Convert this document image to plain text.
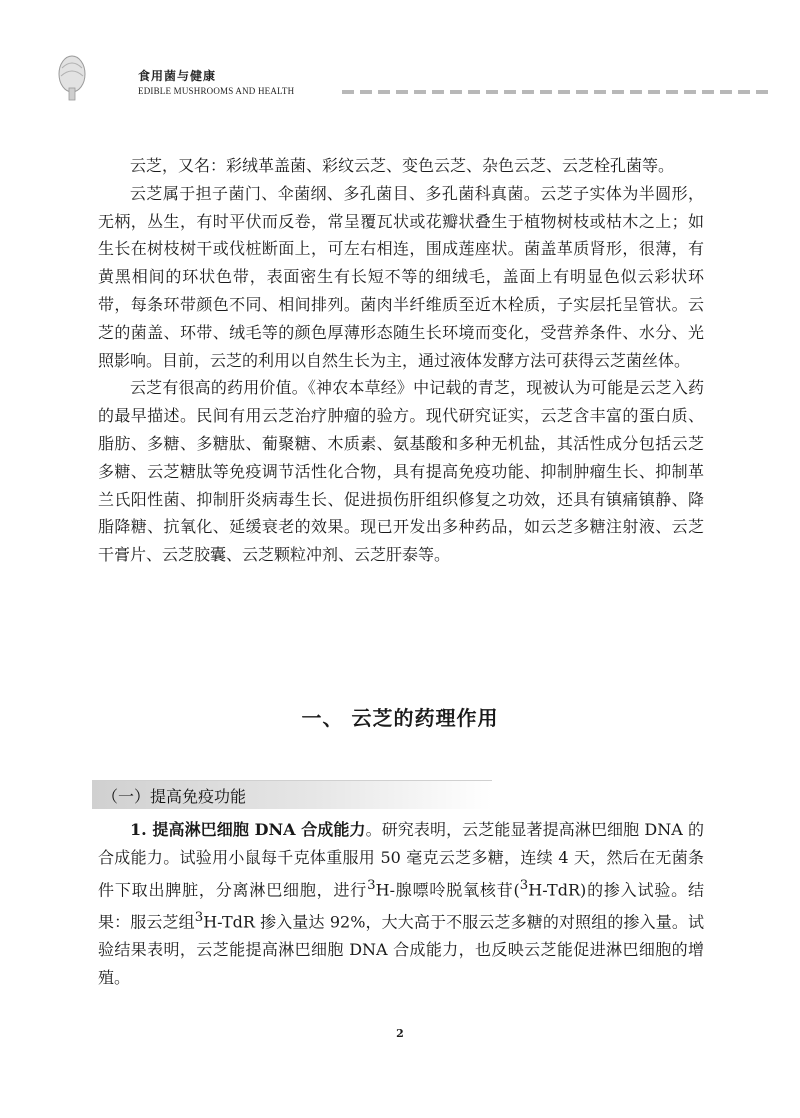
食用菌与健康
EDIBLE MUSHROOMS AND HEALTH

云芝，又名：彩绒革盖菌、彩纹云芝、变色云芝、杂色云芝、云芝栓孔菌等。

云芝属于担子菌门、伞菌纲、多孔菌目、多孔菌科真菌。云芝子实体为半圆形，无柄，丛生，有时平伏而反卷，常呈覆瓦状或花瓣状叠生于植物树枝或枯木之上；如生长在树枝树干或伐桩断面上，可左右相连，围成莲座状。菌盖革质肾形，很薄，有黄黑相间的环状色带，表面密生有长短不等的细绒毛，盖面上有明显色似云彩状环带，每条环带颜色不同、相间排列。菌肉半纤维质至近木栓质，子实层托呈管状。云芝的菌盖、环带、绒毛等的颜色厚薄形态随生长环境而变化，受营养条件、水分、光照影响。目前，云芝的利用以自然生长为主，通过液体发酵方法可获得云芝菌丝体。

云芝有很高的药用价值。《神农本草经》中记载的青芝，现被认为可能是云芝入药的最早描述。民间有用云芝治疗肿瘤的验方。现代研究证实，云芝含丰富的蛋白质、脂肪、多糖、多糖肽、葡聚糖、木质素、氨基酸和多种无机盐，其活性成分包括云芝多糖、云芝糖肽等免疫调节活性化合物，具有提高免疫功能、抑制肿瘤生长、抑制革兰氏阳性菌、抑制肝炎病毒生长、促进损伤肝组织修复之功效，还具有镇痛镇静、降脂降糖、抗氧化、延缓衰老的效果。现已开发出多种药品，如云芝多糖注射液、云芝干膏片、云芝胶囊、云芝颗粒冲剂、云芝肝泰等。

一、 云芝的药理作用
（一）提高免疫功能

1. 提高淋巴细胞 DNA 合成能力。研究表明，云芝能显著提高淋巴细胞 DNA 的合成能力。试验用小鼠每千克体重服用 50 毫克云芝多糖，连续 4 天，然后在无菌条件下取出脾脏，分离淋巴细胞，进行$^3$H-腺嘌呤脱氧核苷($^3$H-TdR)的掺入试验。结果：服云芝组$^3$H-TdR 掺入量达 92%，大大高于不服云芝多糖的对照组的掺入量。试验结果表明，云芝能提高淋巴细胞 DNA 合成能力，也反映云芝能促进淋巴细胞的增殖。

2
